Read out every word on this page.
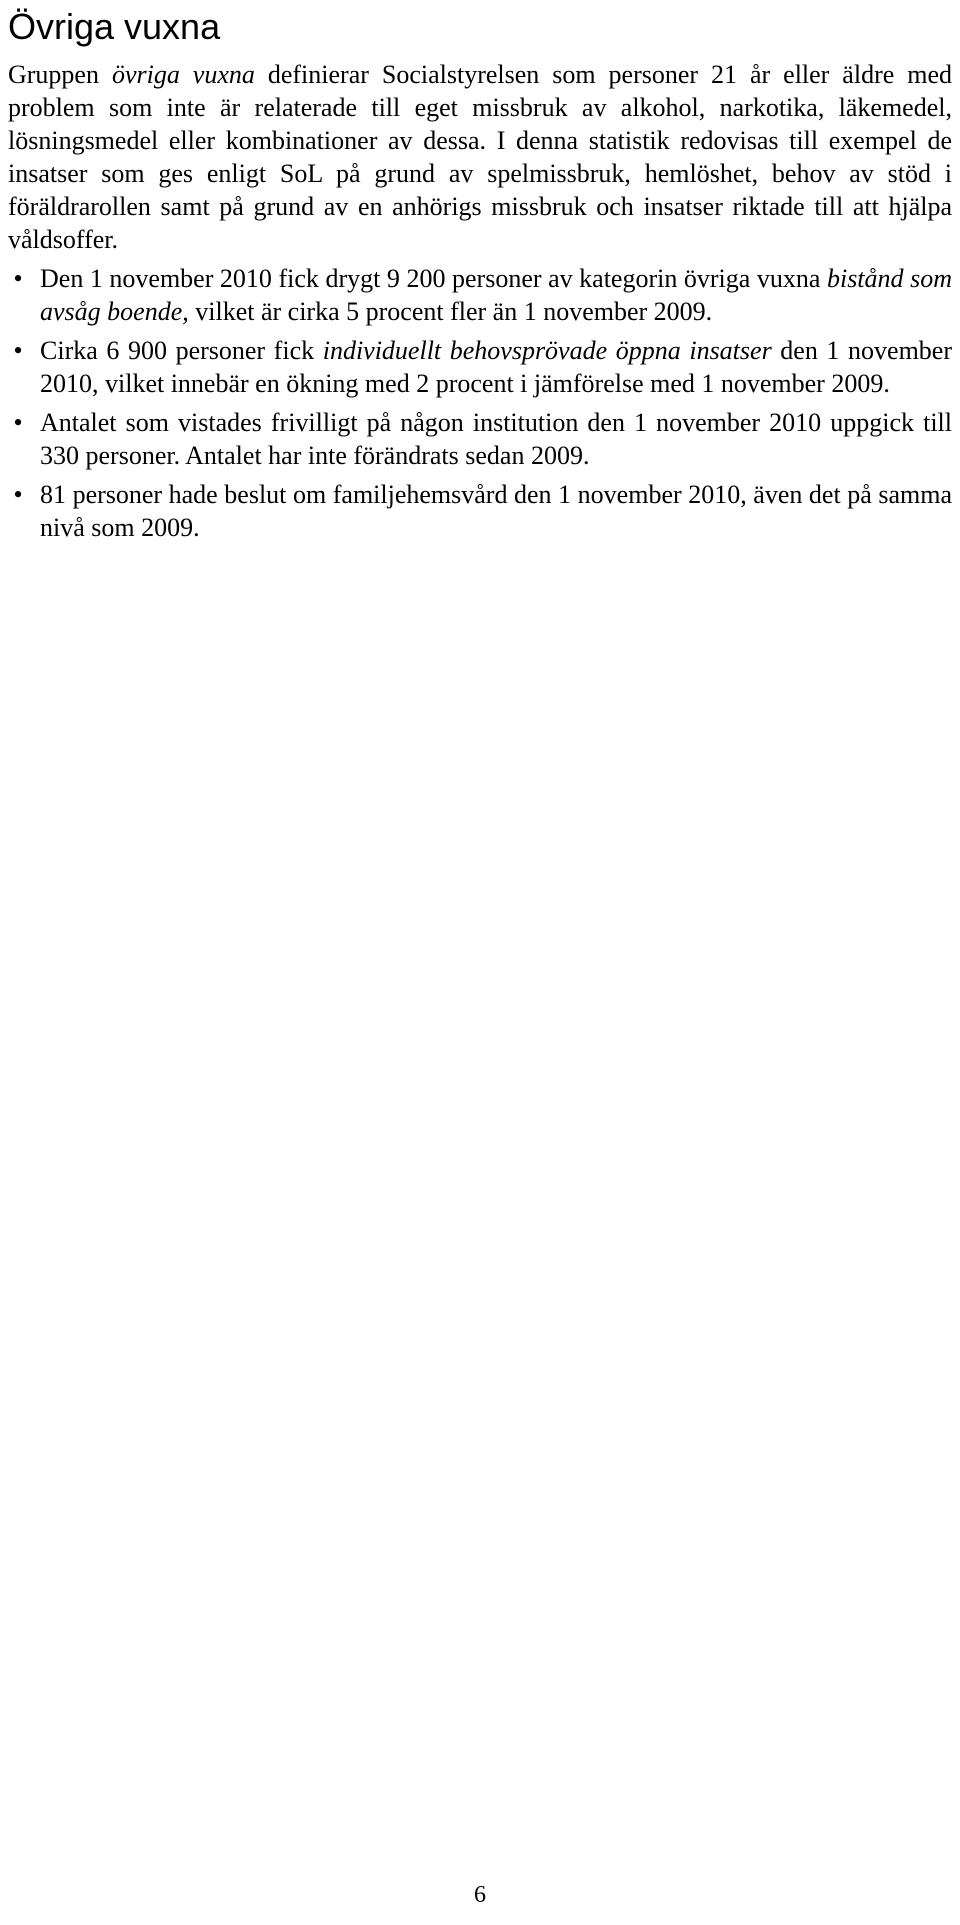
Övriga vuxna

Gruppen övriga vuxna definierar Socialstyrelsen som personer 21 år eller äldre med problem som inte är relaterade till eget missbruk av alkohol, narkotika, läkemedel, lösningsmedel eller kombinationer av dessa. I denna statistik redovisas till exempel de insatser som ges enligt SoL på grund av spelmissbruk, hemlöshet, behov av stöd i föräldrarollen samt på grund av en anhörigs missbruk och insatser riktade till att hjälpa våldsoffer.

• Den 1 november 2010 fick drygt 9 200 personer av kategorin övriga vuxna bistånd som avsåg boende, vilket är cirka 5 procent fler än 1 november 2009.
• Cirka 6 900 personer fick individuellt behovsprövade öppna insatser den 1 november 2010, vilket innebär en ökning med 2 procent i jämförelse med 1 november 2009.
• Antalet som vistades frivilligt på någon institution den 1 november 2010 uppgick till 330 personer. Antalet har inte förändrats sedan 2009.
• 81 personer hade beslut om familjehemsvård den 1 november 2010, även det på samma nivå som 2009.
6
